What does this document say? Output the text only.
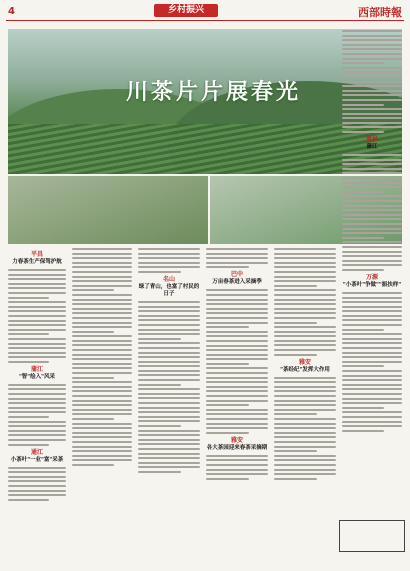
4	乡村振兴	西部時報
川茶片片展春光
平昌
力春茶生产保驾护航
蒲江
"智"绘入"风采
通江
小茶叶"一业"富"采茶
名山
绿了青山，也富了村民的日子
巴中
万亩春茶进入采摘季
雅安
各大茶园迎来春茶采摘期
雅安
"茶经纪"发挥大作用
翠屏
蒲江
万源
"小茶叶"争做""振扶样"
